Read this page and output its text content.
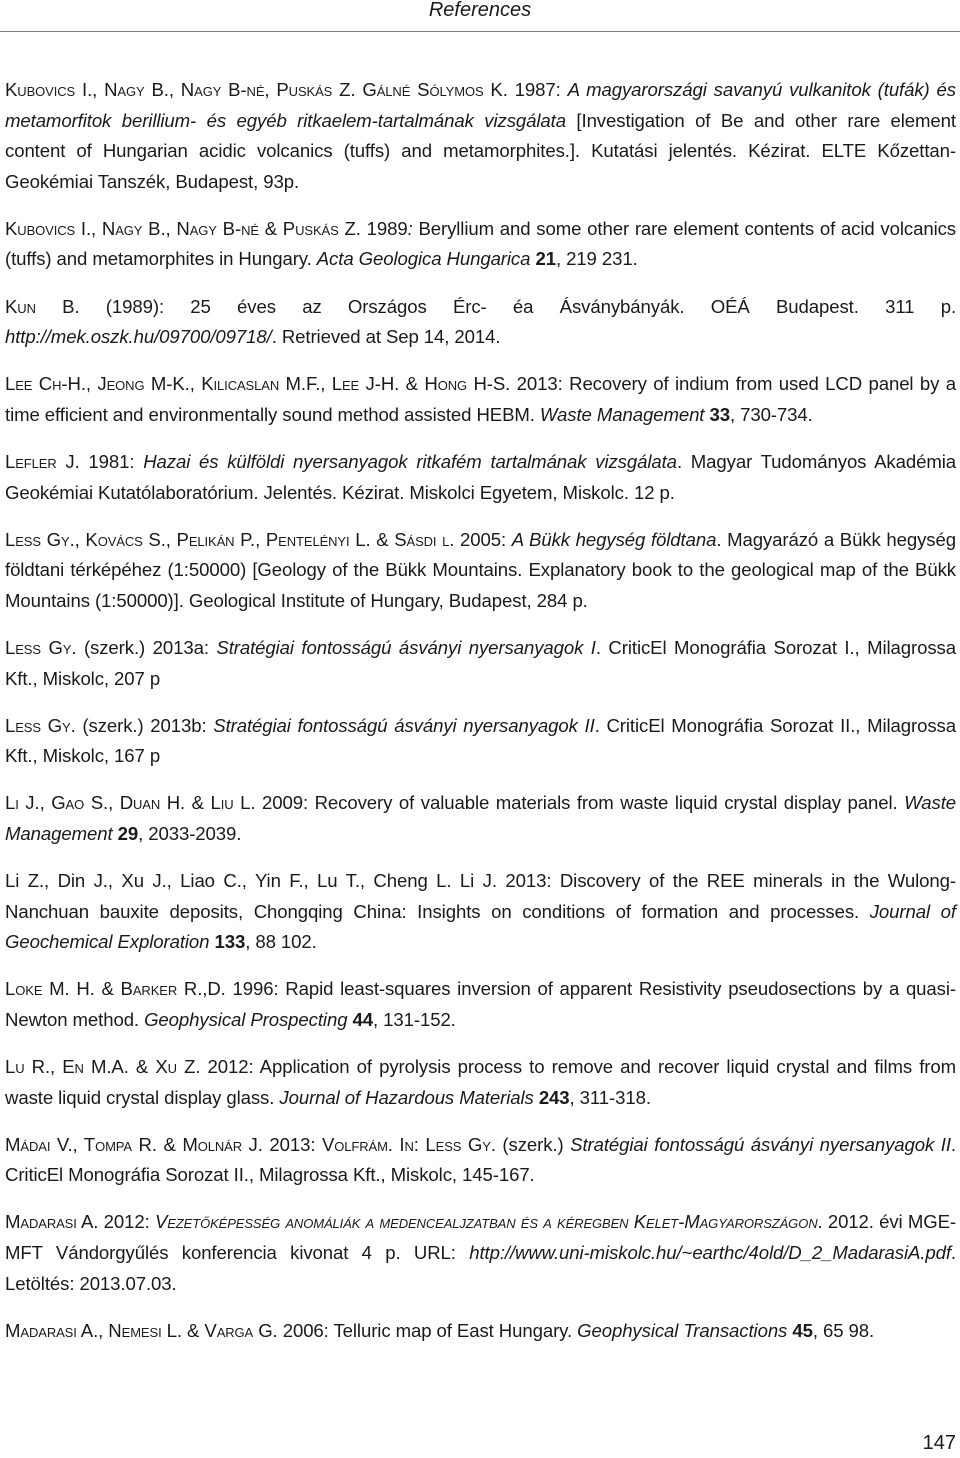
References

Kubovics I., Nagy B., Nagy B-né, Puskás Z. Gálné Sólymos K. 1987: A magyarországi savanyú vulkanitok (tufák) és metamorfitok berillium- és egyéb ritkaelem-tartalmának vizsgálata [Investigation of Be and other rare element content of Hungarian acidic volcanics (tuffs) and metamorphites.]. Kutatási jelentés. Kézirat. ELTE Kőzettan-Geokémiai Tanszék, Budapest, 93p.

Kubovics I., Nagy B., Nagy B-né & Puskás Z. 1989: Beryllium and some other rare element contents of acid volcanics (tuffs) and metamorphites in Hungary. Acta Geologica Hungarica 21, 219 231.

Kun B. (1989): 25 éves az Országos Érc- éa Ásványbányák. OÉÁ Budapest. 311 p. http://mek.oszk.hu/09700/09718/. Retrieved at Sep 14, 2014.

Lee Ch-H., Jeong M-K., Kilicaslan M.F., Lee J-H. & Hong H-S. 2013: Recovery of indium from used LCD panel by a time efficient and environmentally sound method assisted HEBM. Waste Management 33, 730-734.

Lefler J. 1981: Hazai és külföldi nyersanyagok ritkafém tartalmának vizsgálata. Magyar Tudományos Akadémia Geokémiai Kutatólaboratórium. Jelentés. Kézirat. Miskolci Egyetem, Miskolc. 12 p.

Less Gy., Kovács S., Pelikán P., Pentelényi L. & Sásdi l. 2005: A Bükk hegység földtana. Magyarázó a Bükk hegység földtani térképéhez (1:50000) [Geology of the Bükk Mountains. Explanatory book to the geological map of the Bükk Mountains (1:50000)]. Geological Institute of Hungary, Budapest, 284 p.

Less Gy. (szerk.) 2013a: Stratégiai fontosságú ásványi nyersanyagok I. CriticEl Monográfia Sorozat I., Milagrossa Kft., Miskolc, 207 p

Less Gy. (szerk.) 2013b: Stratégiai fontosságú ásványi nyersanyagok II. CriticEl Monográfia Sorozat II., Milagrossa Kft., Miskolc, 167 p

Li J., Gao S., Duan H. & Liu L. 2009: Recovery of valuable materials from waste liquid crystal display panel. Waste Management 29, 2033-2039.

Li Z., Din J., Xu J., Liao C., Yin F., Lu T., Cheng L. Li J. 2013: Discovery of the REE minerals in the Wulong-Nanchuan bauxite deposits, Chongqing China: Insights on conditions of formation and processes. Journal of Geochemical Exploration 133, 88 102.

Loke M. H. & Barker R.,D. 1996: Rapid least-squares inversion of apparent Resistivity pseudosections by a quasi-Newton method. Geophysical Prospecting 44, 131-152.

Lu R., En M.A. & Xu Z. 2012: Application of pyrolysis process to remove and recover liquid crystal and films from waste liquid crystal display glass. Journal of Hazardous Materials 243, 311-318.

Mádai V., Tompa R. & Molnár J. 2013: Volfrám. In: Less Gy. (szerk.) Stratégiai fontosságú ásványi nyersanyagok II. CriticEl Monográfia Sorozat II., Milagrossa Kft., Miskolc, 145-167.

Madarasi A. 2012: Vezetőképesség anomáliák a medencealjzatban és a kéregben Kelet-Magyarországon. 2012. évi MGE-MFT Vándorgyűlés konferencia kivonat 4 p. URL: http://www.uni-miskolc.hu/~earthc/4old/D_2_MadarasiA.pdf. Letöltés: 2013.07.03.

Madarasi A., Nemesi L. & Varga G. 2006: Telluric map of East Hungary. Geophysical Transactions 45, 65 98.

147
